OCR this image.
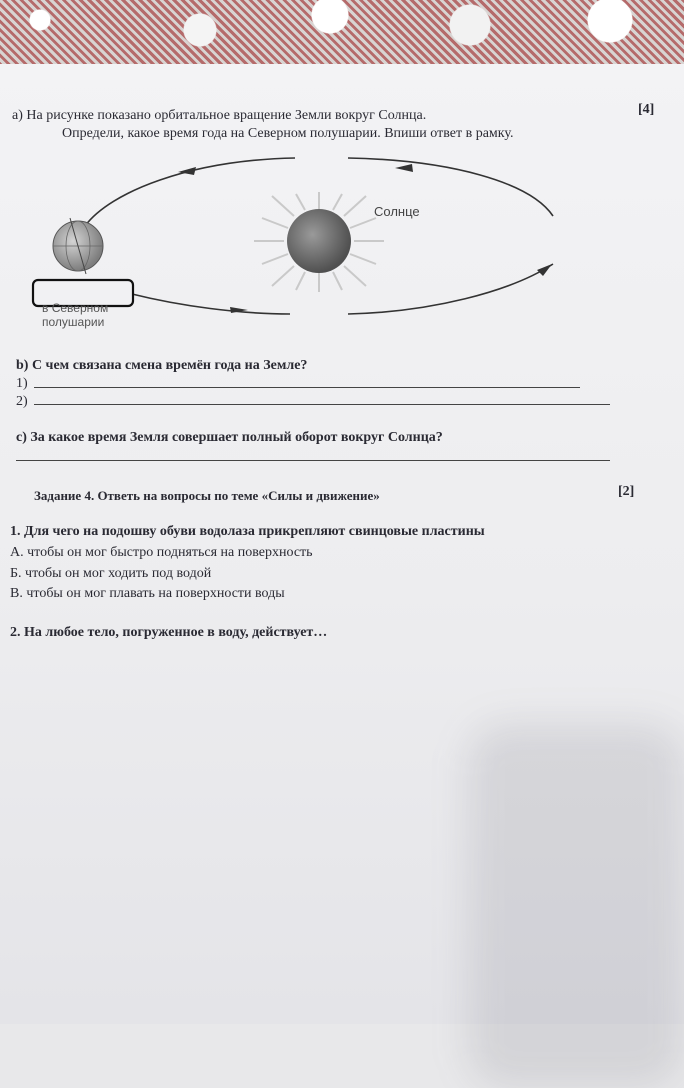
а) На рисунке показано орбитальное вращение Земли вокруг Солнца.
Определи, какое время года на Северном полушарии. Впиши ответ в рамку.
[4]
Солнце
в Северном
полушарии
b) С чем связана смена времён года на Земле?
1)
2)
с) За какое время Земля совершает полный оборот вокруг Солнца?
Задание 4. Ответь на вопросы по теме «Силы и движение»	[2]
1. Для чего на подошву обуви водолаза прикрепляют свинцовые пластины
А. чтобы он мог быстро подняться на поверхность
Б. чтобы он мог ходить под водой
В. чтобы он мог плавать на поверхности воды
2. На любое тело, погруженное в воду, действует…
